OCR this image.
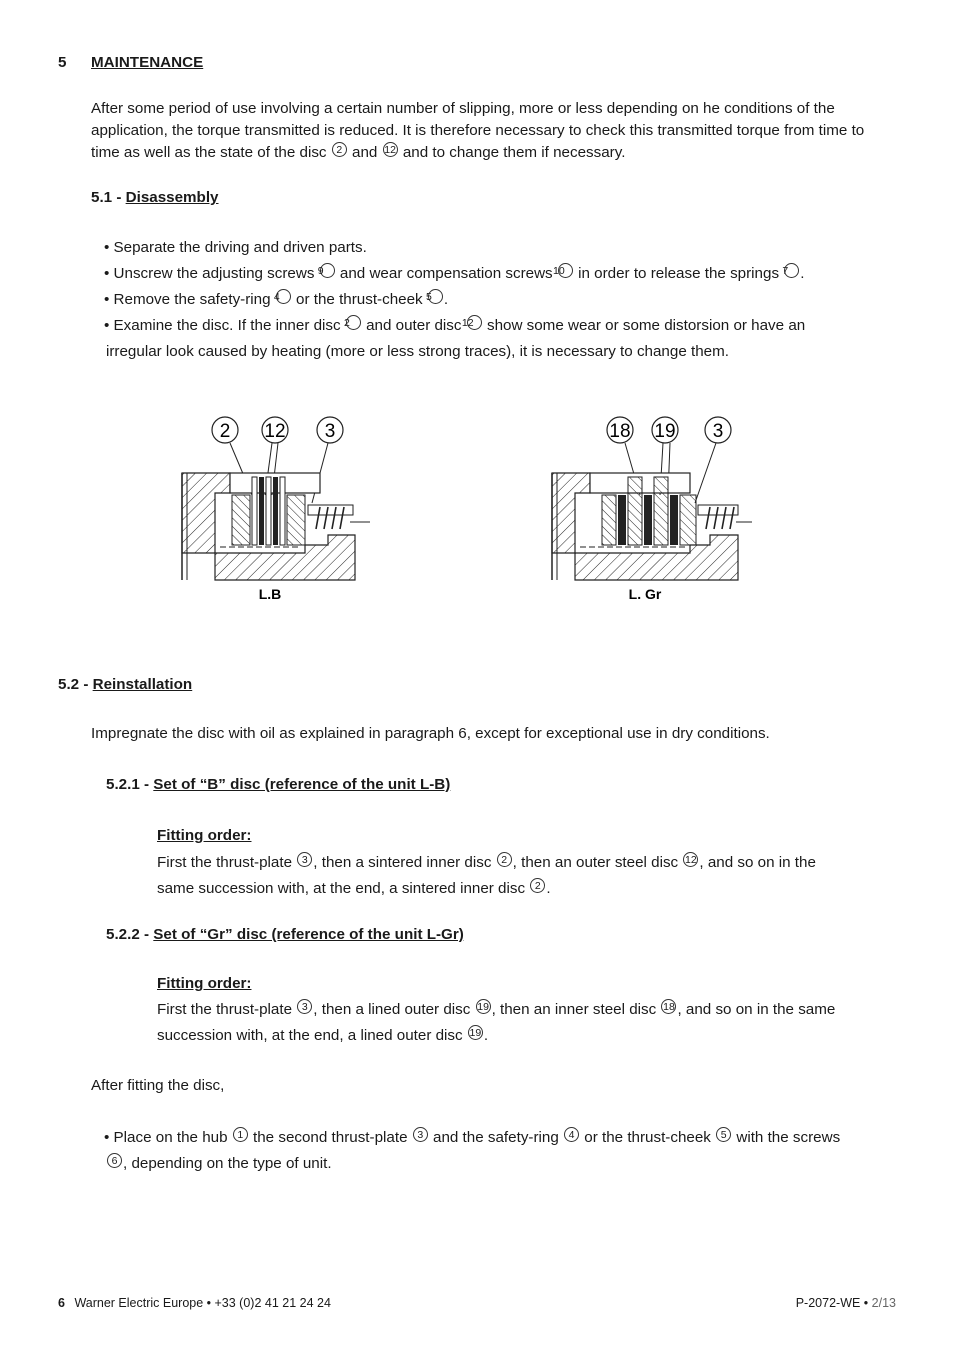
5 MAINTENANCE

After some period of use involving a certain number of slipping, more or less depending on he conditions of the application, the torque transmitted is reduced. It is therefore necessary to check this transmitted torque from time to time as well as the state of the disc 2 and 12 and to change them if necessary.

5.1 - Disassembly

• Separate the driving and driven parts.

• Unscrew the adjusting screws 9 and wear compensation screws 10 in order to release the springs 7 .

• Remove the safety-ring 4 or the thrust-cheek 5 .

• Examine the disc. If the inner disc 2 and outer disc 12 show some wear or some distorsion or have an

irregular look caused by heating (more or less strong traces), it is necessary to change them.

2 12 3
L.B
18 19 3
L. Gr
5.2 - Reinstallation

Impregnate the disc with oil as explained in paragraph 6, except for exceptional use in dry conditions.

5.2.1 - Set of “B” disc (reference of the unit L-B)
Fitting order:

First the thrust-plate 3 , then a sintered inner disc 2 , then an outer steel disc 12 , and so on in the

same succession with, at the end, a sintered inner disc 2 .

5.2.2 - Set of “Gr” disc (reference of the unit L-Gr)
Fitting order:

First the thrust-plate 3 , then a lined outer disc 19 , then an inner steel disc 18 , and so on in the same

succession with, at the end, a lined outer disc 19 .

After fitting the disc,

• Place on the hub 1 the second thrust-plate 3 and the safety-ring 4 or the thrust-cheek 5 with the screws

6 , depending on the type of unit.

6 Warner Electric Europe • +33 (0)2 41 21 24 24	P-2072-WE • 2/13
